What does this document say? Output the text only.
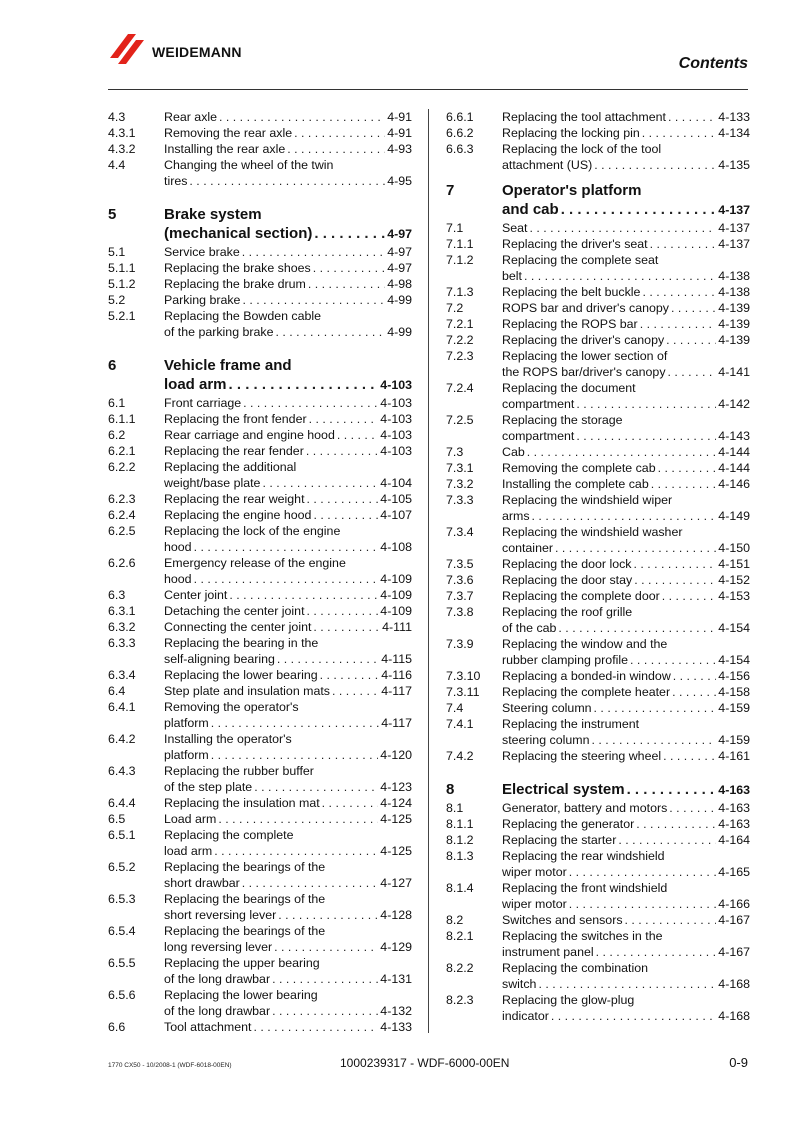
WEIDEMANN
Contents
4.3	Rear axle . . .	4-91
4.3.1 Removing the rear axle . . .	4-91
4.3.2 Installing the rear axle . . .	4-93
4.4	Changing the wheel of the twin
tires . . .	4-95
5	Brake system
(mechanical section) . . .	4-97
5.1	Service brake . . .	4-97
5.1.1 Replacing the brake shoes . . .	4-97
5.1.2 Replacing the brake drum . . .	4-98
5.2	Parking brake . . .	4-99
5.2.1 Replacing the Bowden cable
of the parking brake . . .	4-99
6	Vehicle frame and
load arm . . .	4-103
6.1	Front carriage . . .	4-103
6.1.1 Replacing the front fender . . .	4-103
6.2	Rear carriage and engine hood . . .	4-103
6.2.1 Replacing the rear fender . . .	4-103
6.2.2 Replacing the additional
weight/base plate . . .	4-104
6.2.3 Replacing the rear weight . . .	4-105
6.2.4 Replacing the engine hood . . .	4-107
6.2.5 Replacing the lock of the engine
hood . . .	4-108
6.2.6 Emergency release of the engine
hood . . .	4-109
6.3	Center joint . . .	4-109
6.3.1 Detaching the center joint . . .	4-109
6.3.2 Connecting the center joint . . .	4-111
6.3.3 Replacing the bearing in the
self-aligning bearing . . .	4-115
6.3.4 Replacing the lower bearing . . .	4-116
6.4	Step plate and insulation mats . . .	4-117
6.4.1 Removing the operator's
platform . . .	4-117
6.4.2 Installing the operator's
platform . . .	4-120
6.4.3 Replacing the rubber buffer
of the step plate . . .	4-123
6.4.4 Replacing the insulation mat . . .	4-124
6.5	Load arm . . .	4-125
6.5.1 Replacing the complete
load arm . . .	4-125
6.5.2 Replacing the bearings of the
short drawbar . . .	4-127
6.5.3 Replacing the bearings of the
short reversing lever . . .	4-128
6.5.4 Replacing the bearings of the
long reversing lever . . .	4-129
6.5.5 Replacing the upper bearing
of the long drawbar . . .	4-131
6.5.6 Replacing the lower bearing
of the long drawbar . . .	4-132
6.6	Tool attachment . . .	4-133
6.6.1 Replacing the tool attachment . . .	4-133
6.6.2 Replacing the locking pin . . .	4-134
6.6.3 Replacing the lock of the tool
attachment (US) . . .	4-135
7	Operator's platform
and cab . . .	4-137
7.1	Seat . . .	4-137
7.1.1 Replacing the driver's seat . . .	4-137
7.1.2 Replacing the complete seat
belt . . .	4-138
7.1.3 Replacing the belt buckle . . .	4-138
7.2	ROPS bar and driver's canopy . . .	4-139
7.2.1 Replacing the ROPS bar . . .	4-139
7.2.2 Replacing the driver's canopy . . .	4-139
7.2.3 Replacing the lower section of
the ROPS bar/driver's canopy . . .	4-141
7.2.4 Replacing the document
compartment . . .	4-142
7.2.5 Replacing the storage
compartment . . .	4-143
7.3	Cab . . .	4-144
7.3.1 Removing the complete cab . . .	4-144
7.3.2 Installing the complete cab . . .	4-146
7.3.3 Replacing the windshield wiper
arms . . .	4-149
7.3.4 Replacing the windshield washer
container . . .	4-150
7.3.5 Replacing the door lock . . .	4-151
7.3.6 Replacing the door stay . . .	4-152
7.3.7 Replacing the complete door . . .	4-153
7.3.8 Replacing the roof grille
of the cab . . .	4-154
7.3.9 Replacing the window and the
rubber clamping profile . . .	4-154
7.3.10 Replacing a bonded-in window . . .	4-156
7.3.11 Replacing the complete heater . . .	4-158
7.4	Steering column . . .	4-159
7.4.1 Replacing the instrument
steering column . . .	4-159
7.4.2 Replacing the steering wheel . . .	4-161
8	Electrical system . . .	4-163
8.1	Generator, battery and motors . . .	4-163
8.1.1 Replacing the generator . . .	4-163
8.1.2 Replacing the starter . . .	4-164
8.1.3 Replacing the rear windshield
wiper motor . . .	4-165
8.1.4 Replacing the front windshield
wiper motor . . .	4-166
8.2	Switches and sensors . . .	4-167
8.2.1 Replacing the switches in the
instrument panel . . .	4-167
8.2.2 Replacing the combination
switch . . .	4-168
8.2.3 Replacing the glow-plug
indicator . . .	4-168
1770 CX50 - 10/2008-1 (WDF-6018-00EN)	1000239317 - WDF-6000-00EN	0-9
